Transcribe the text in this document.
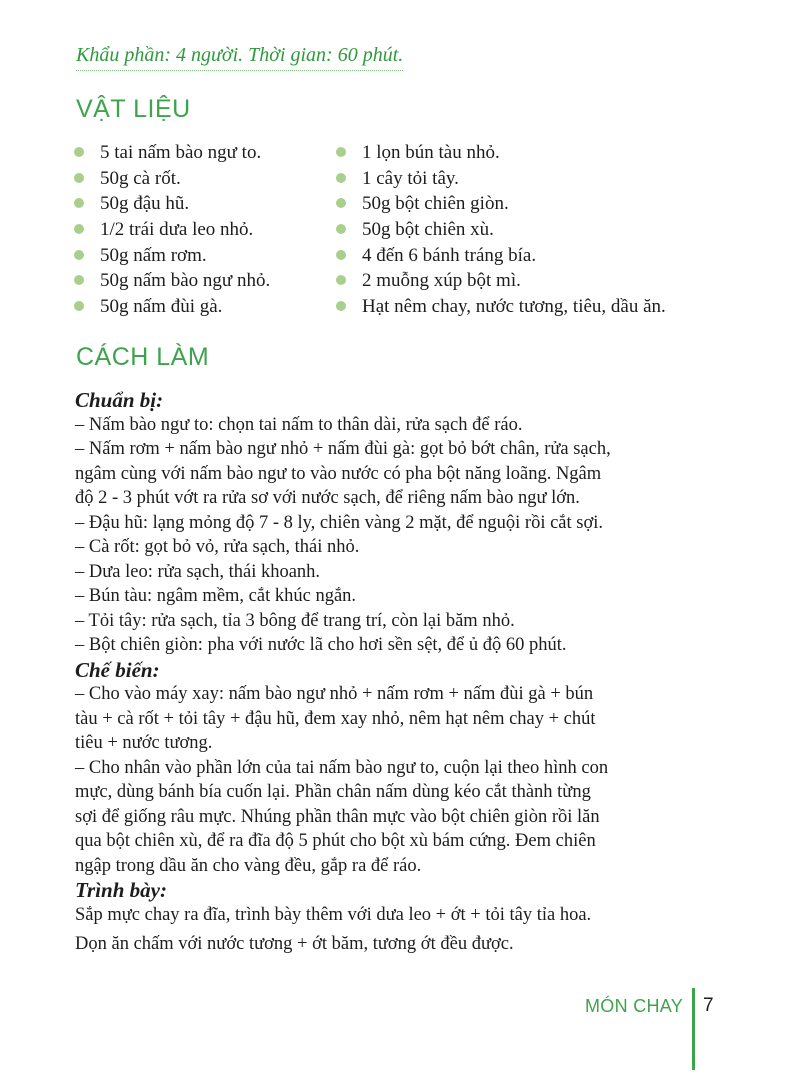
Khẩu phần: 4 người. Thời gian: 60 phút.
VẬT LIỆU
5 tai nấm bào ngư to.
50g cà rốt.
50g đậu hũ.
1/2 trái dưa leo nhỏ.
50g nấm rơm.
50g nấm bào ngư nhỏ.
50g nấm đùi gà.
1 lọn bún tàu nhỏ.
1 cây tỏi tây.
50g bột chiên giòn.
50g bột chiên xù.
4 đến 6 bánh tráng bía.
2 muỗng xúp bột mì.
Hạt nêm chay, nước tương, tiêu, dầu ăn.
CÁCH LÀM
Chuẩn bị:
– Nấm bào ngư to: chọn tai nấm to thân dài, rửa sạch để ráo.
– Nấm rơm + nấm bào ngư nhỏ + nấm đùi gà: gọt bỏ bớt chân, rửa sạch,
ngâm cùng với nấm bào ngư to vào nước có pha bột năng loãng. Ngâm
độ 2 - 3 phút vớt ra rửa sơ với nước sạch, để riêng nấm bào ngư lớn.
– Đậu hũ: lạng mỏng độ 7 - 8 ly, chiên vàng 2 mặt, để nguội rồi cắt sợi.
– Cà rốt: gọt bỏ vỏ, rửa sạch, thái nhỏ.
– Dưa leo: rửa sạch, thái khoanh.
– Bún tàu: ngâm mềm, cắt khúc ngắn.
– Tỏi tây: rửa sạch, tỉa 3 bông để trang trí, còn lại băm nhỏ.
– Bột chiên giòn: pha với nước lã cho hơi sền sệt, để ủ độ 60 phút.
Chế biến:
– Cho vào máy xay: nấm bào ngư nhỏ + nấm rơm + nấm đùi gà + bún
tàu + cà rốt + tỏi tây + đậu hũ, đem xay nhỏ, nêm hạt nêm chay + chút
tiêu + nước tương.
– Cho nhân vào phần lớn của tai nấm bào ngư to, cuộn lại theo hình con
mực, dùng bánh bía cuốn lại. Phần chân nấm dùng kéo cắt thành từng
sợi để giống râu mực. Nhúng phần thân mực vào bột chiên giòn rồi lăn
qua bột chiên xù, để ra đĩa độ 5 phút cho bột xù bám cứng. Đem chiên
ngập trong dầu ăn cho vàng đều, gắp ra để ráo.
Trình bày:
Sắp mực chay ra đĩa, trình bày thêm với dưa leo + ớt + tỏi tây tỉa hoa.
Dọn ăn chấm với nước tương + ớt băm, tương ớt đều được.
MÓN CHAY 7
